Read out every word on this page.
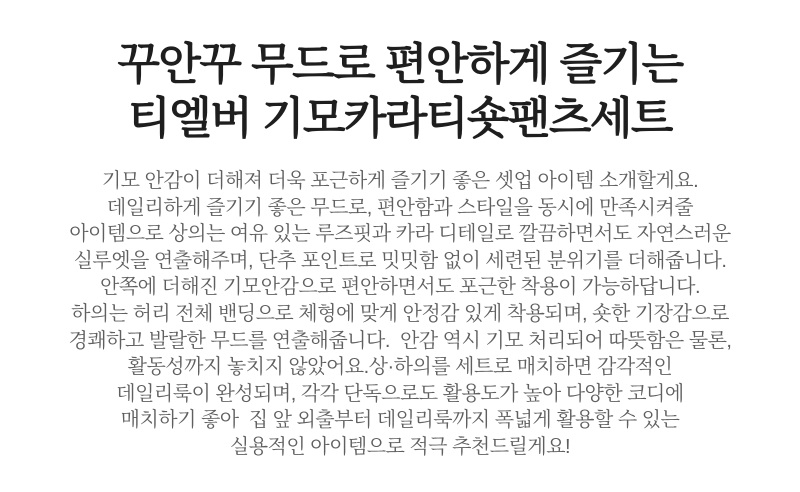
꾸안꾸 무드로 편안하게 즐기는
티엘버 기모카라티숏팬츠세트

기모 안감이 더해져 더욱 포근하게 즐기기 좋은 셋업 아이템 소개할게요.
데일리하게 즐기기 좋은 무드로, 편안함과 스타일을 동시에 만족시켜줄
아이템으로 상의는 여유 있는 루즈핏과 카라 디테일로 깔끔하면서도 자연스러운
실루엣을 연출해주며, 단추 포인트로 밋밋함 없이 세련된 분위기를 더해줍니다.
안쪽에 더해진 기모안감으로 편안하면서도 포근한 착용이 가능하답니다.
하의는 허리 전체 밴딩으로 체형에 맞게 안정감 있게 착용되며, 숏한 기장감으로
경쾌하고 발랄한 무드를 연출해줍니다.  안감 역시 기모 처리되어 따뜻함은 물론,
활동성까지 놓치지 않았어요.상·하의를 세트로 매치하면 감각적인
데일리룩이 완성되며, 각각 단독으로도 활용도가 높아 다양한 코디에
매치하기 좋아  집 앞 외출부터 데일리룩까지 폭넓게 활용할 수 있는
실용적인 아이템으로 적극 추천드릴게요!
